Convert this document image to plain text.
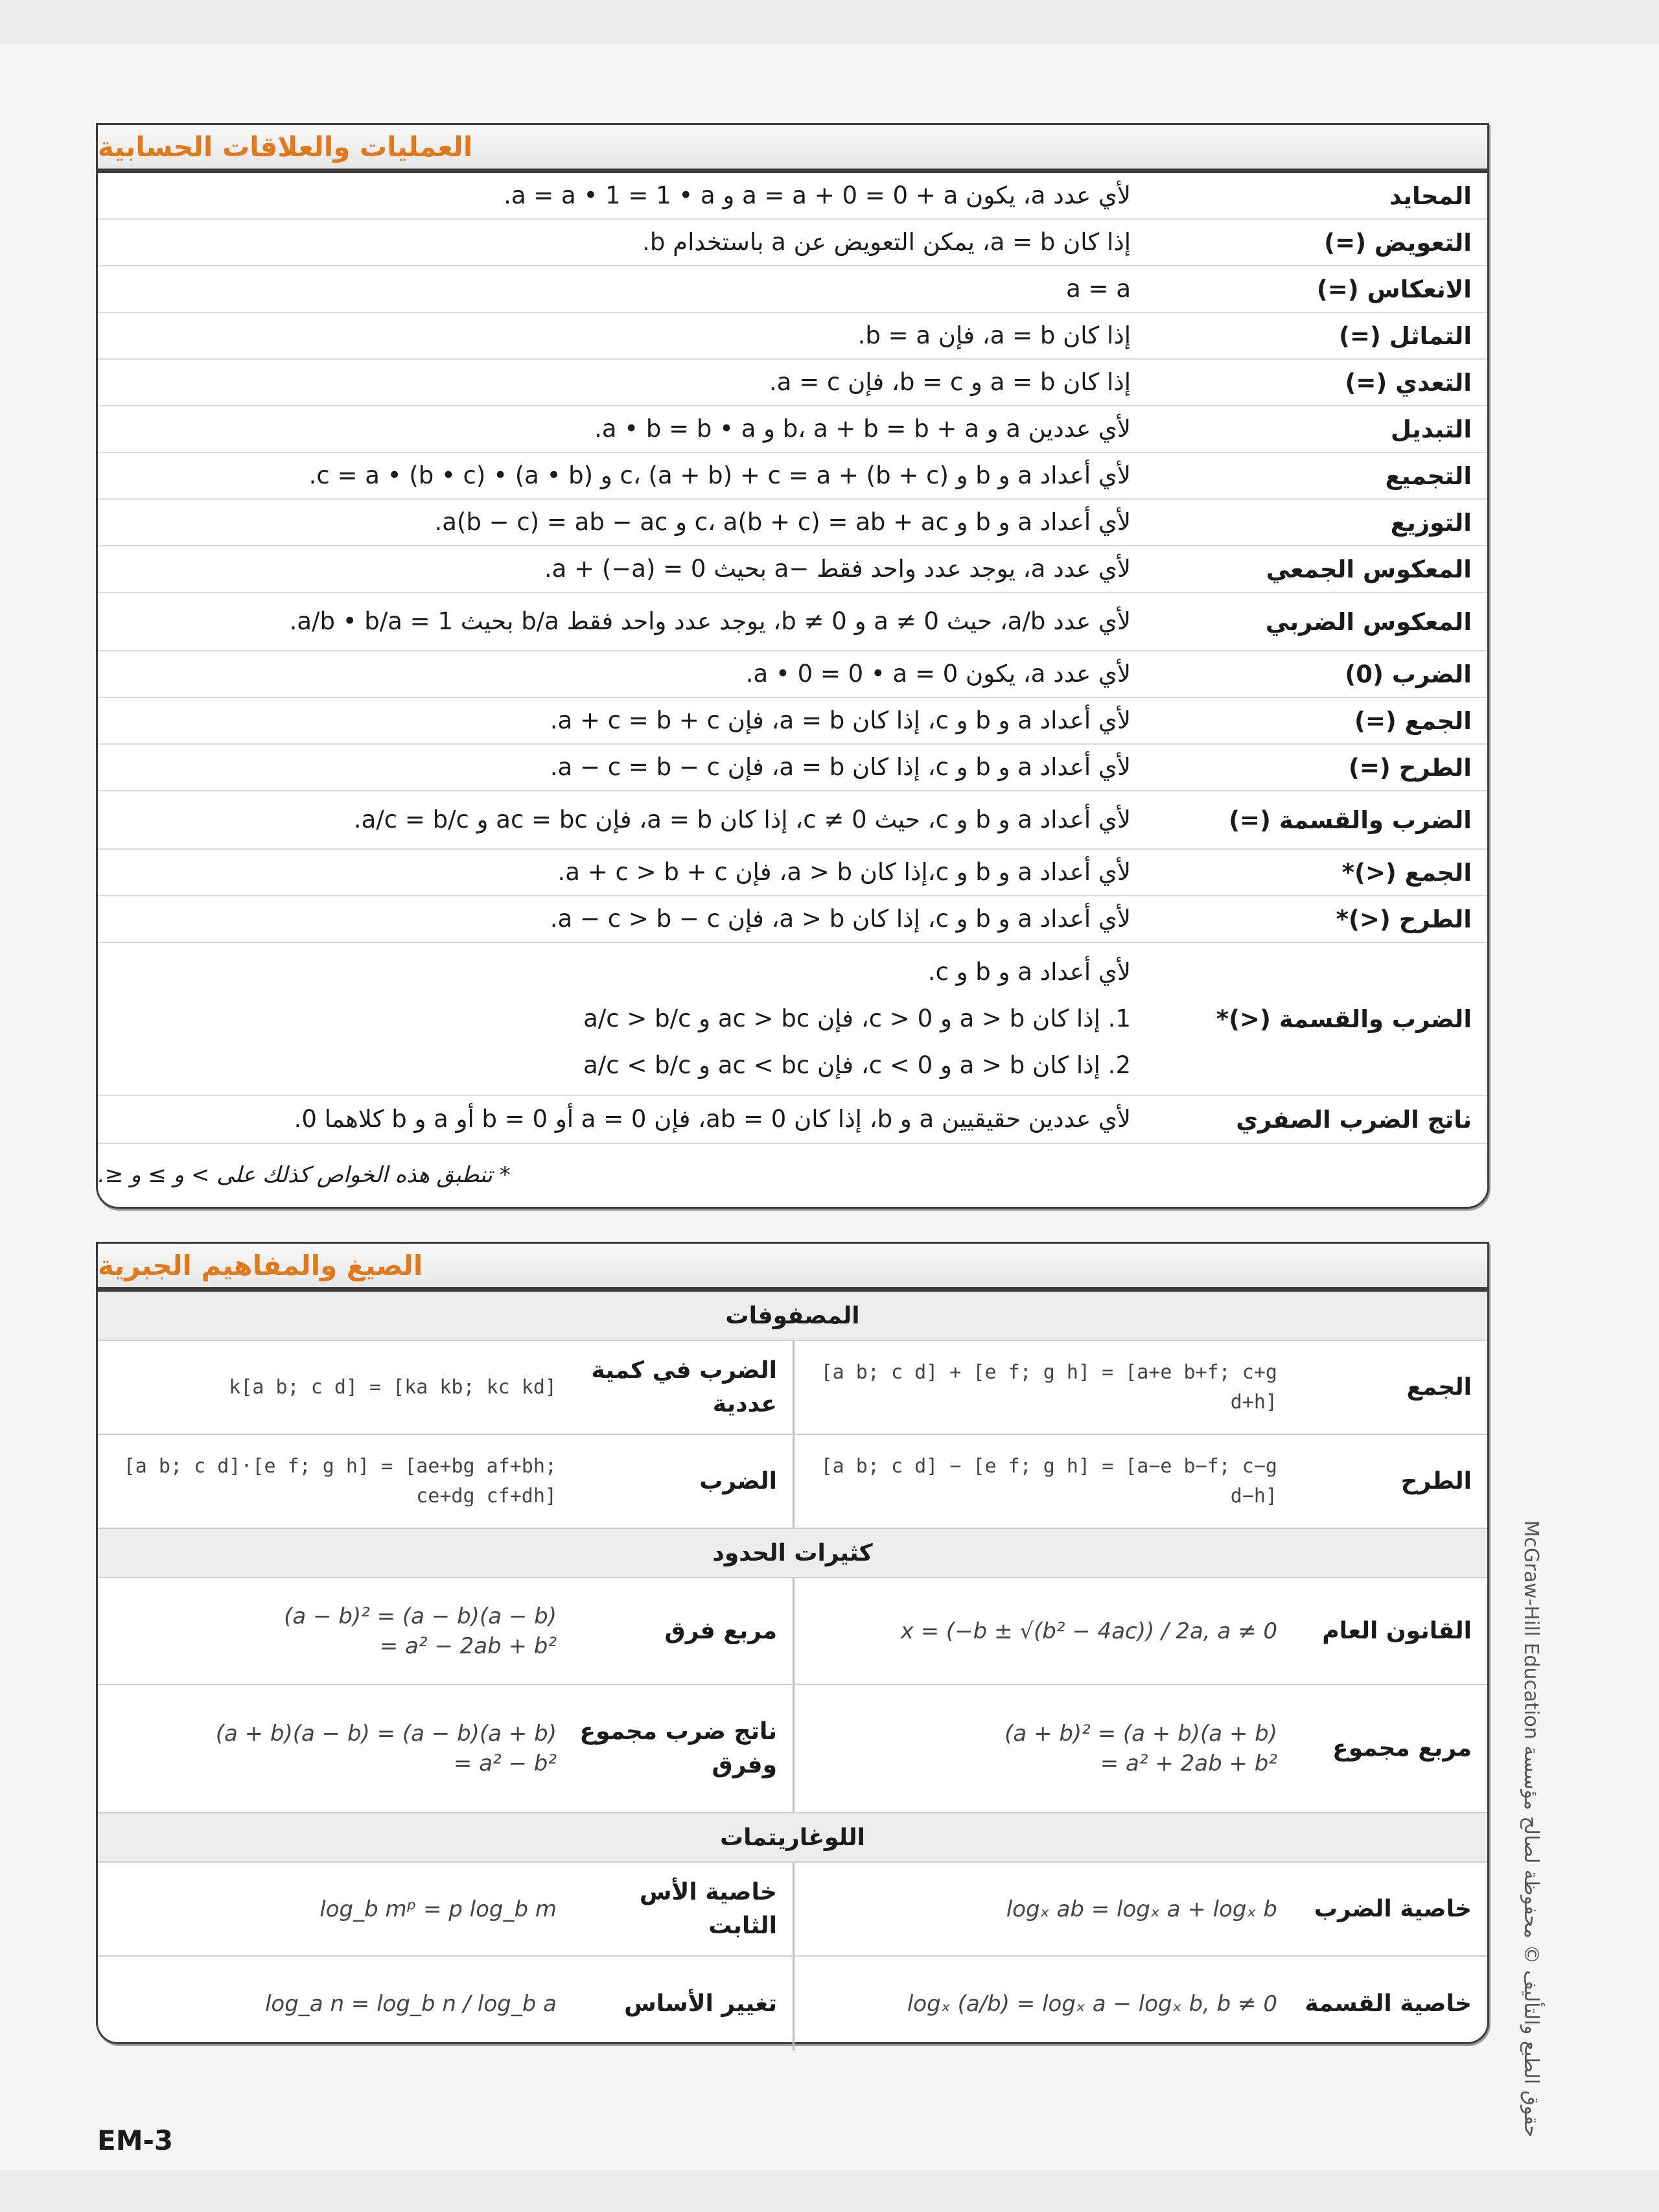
العمليات والعلاقات الحسابية
المحايد
لأي عدد a، يكون a = a + 0 = 0 + a و a = a • 1 = 1 • a.
التعويض (=)
إذا كان a = b، يمكن التعويض عن a باستخدام b.
الانعكاس (=)
a = a
التماثل (=)
إذا كان a = b، فإن b = a.
التعدي (=)
إذا كان a = b و b = c، فإن a = c.
التبديل
لأي عددين a و b، a + b = b + a و a • b = b • a.
التجميع
لأي أعداد a و b و c، (a + b) + c = a + (b + c) و (a • b) • c = a • (b • c).
التوزيع
لأي أعداد a و b و c، a(b + c) = ab + ac و a(b − c) = ab − ac.
المعكوس الجمعي
لأي عدد a، يوجد عدد واحد فقط −a بحيث a + (−a) = 0.
المعكوس الضربي
لأي عدد a/b، حيث a ≠ 0 و b ≠ 0، يوجد عدد واحد فقط b/a بحيث a/b • b/a = 1.
الضرب (0)
لأي عدد a، يكون a • 0 = 0 • a = 0.
الجمع (=)
لأي أعداد a و b و c، إذا كان a = b، فإن a + c = b + c.
الطرح (=)
لأي أعداد a و b و c، إذا كان a = b، فإن a − c = b − c.
الضرب والقسمة (=)
لأي أعداد a و b و c، حيث c ≠ 0، إذا كان a = b، فإن ac = bc و a/c = b/c.
الجمع (<)*
لأي أعداد a و b و c،إذا كان a > b، فإن a + c > b + c.
الطرح (<)*
لأي أعداد a و b و c، إذا كان a > b، فإن a − c > b − c.
الضرب والقسمة (<)*
لأي أعداد a و b و c.
1. إذا كان a > b و c > 0، فإن ac > bc و a/c > b/c
2. إذا كان a > b و c < 0، فإن ac < bc و a/c < b/c
ناتج الضرب الصفري
لأي عددين حقيقيين a و b، إذا كان ab = 0، فإن a = 0 أو b = 0 أو a و b كلاهما 0.
* تنطبق هذه الخواص كذلك على > و ≥ و ≤.
الصيغ والمفاهيم الجبرية
المصفوفات
الجمع
[a b; c d] + [e f; g h] = [a+e b+f; c+g d+h]
الضرب في كمية عددية
k[a b; c d] = [ka kb; kc kd]
الطرح
[a b; c d] − [e f; g h] = [a−e b−f; c−g d−h]
الضرب
[a b; c d]·[e f; g h] = [ae+bg af+bh; ce+dg cf+dh]
كثيرات الحدود
القانون العام
x = (−b ± √(b² − 4ac)) / 2a, a ≠ 0
مربع فرق
(a − b)² = (a − b)(a − b)
= a² − 2ab + b²
مربع مجموع
(a + b)² = (a + b)(a + b)
= a² + 2ab + b²
ناتج ضرب مجموع وفرق
(a + b)(a − b) = (a − b)(a + b)
= a² − b²
اللوغاريتمات
خاصية الضرب
logₓ ab = logₓ a + logₓ b
خاصية الأس الثابت
log_b mᵖ = p log_b m
خاصية القسمة
logₓ (a/b) = logₓ a − logₓ b, b ≠ 0
تغيير الأساس
log_a n = log_b n / log_b a
حقوق الطبع والتأليف © محفوظة لصالح مؤسسة McGraw-Hill Education
EM-3
